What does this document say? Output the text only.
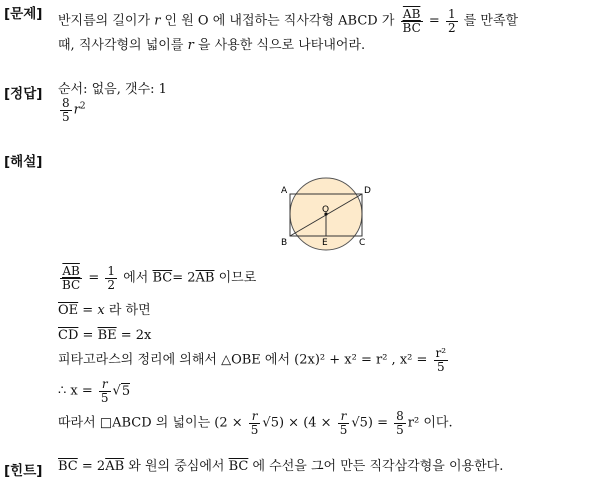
[문제] 반지름의 길이가 r 인 원 O 에 내접하는 직사각형 ABCD 가 $\frac{\overline{AB}}{BC} = \frac{1}{2}$ 를 만족할
때, 직사각형의 넓이를 r 을 사용한 식으로 나타내어라.
[정답] 순서: 없음, 갯수: 1
$\frac{8}{5} r^2$
[해설]
A	D
B	C
E
O
$\frac{\overline{AB}}{BC} = \frac{1}{2}$ 에서 $\overline{BC}= 2\overline{AB}$ 이므로
$\overline{OE} = x$ 라 하면
$\overline{CD} = \overline{BE} = 2x$
피타고라스의 정리에 의해서 △OBE 에서 (2x)² + x² = r² , $x^2 = \frac{\text{r²}}{5}$
∴ $x = \frac{r}{5} √5$
따라서 □ABCD 의 넓이는 $(2 \times \frac{r}{5} √5) \times (4 \times \frac{r}{5} √5) = \frac{8}{5} r^2$ 이다.
[힌트] $\overline{BC} = 2\overline{AB}$ 와 원의 중심에서 $\overline{BC}$ 에 수선을 그어 만든 직각삼각형을 이용한다.
